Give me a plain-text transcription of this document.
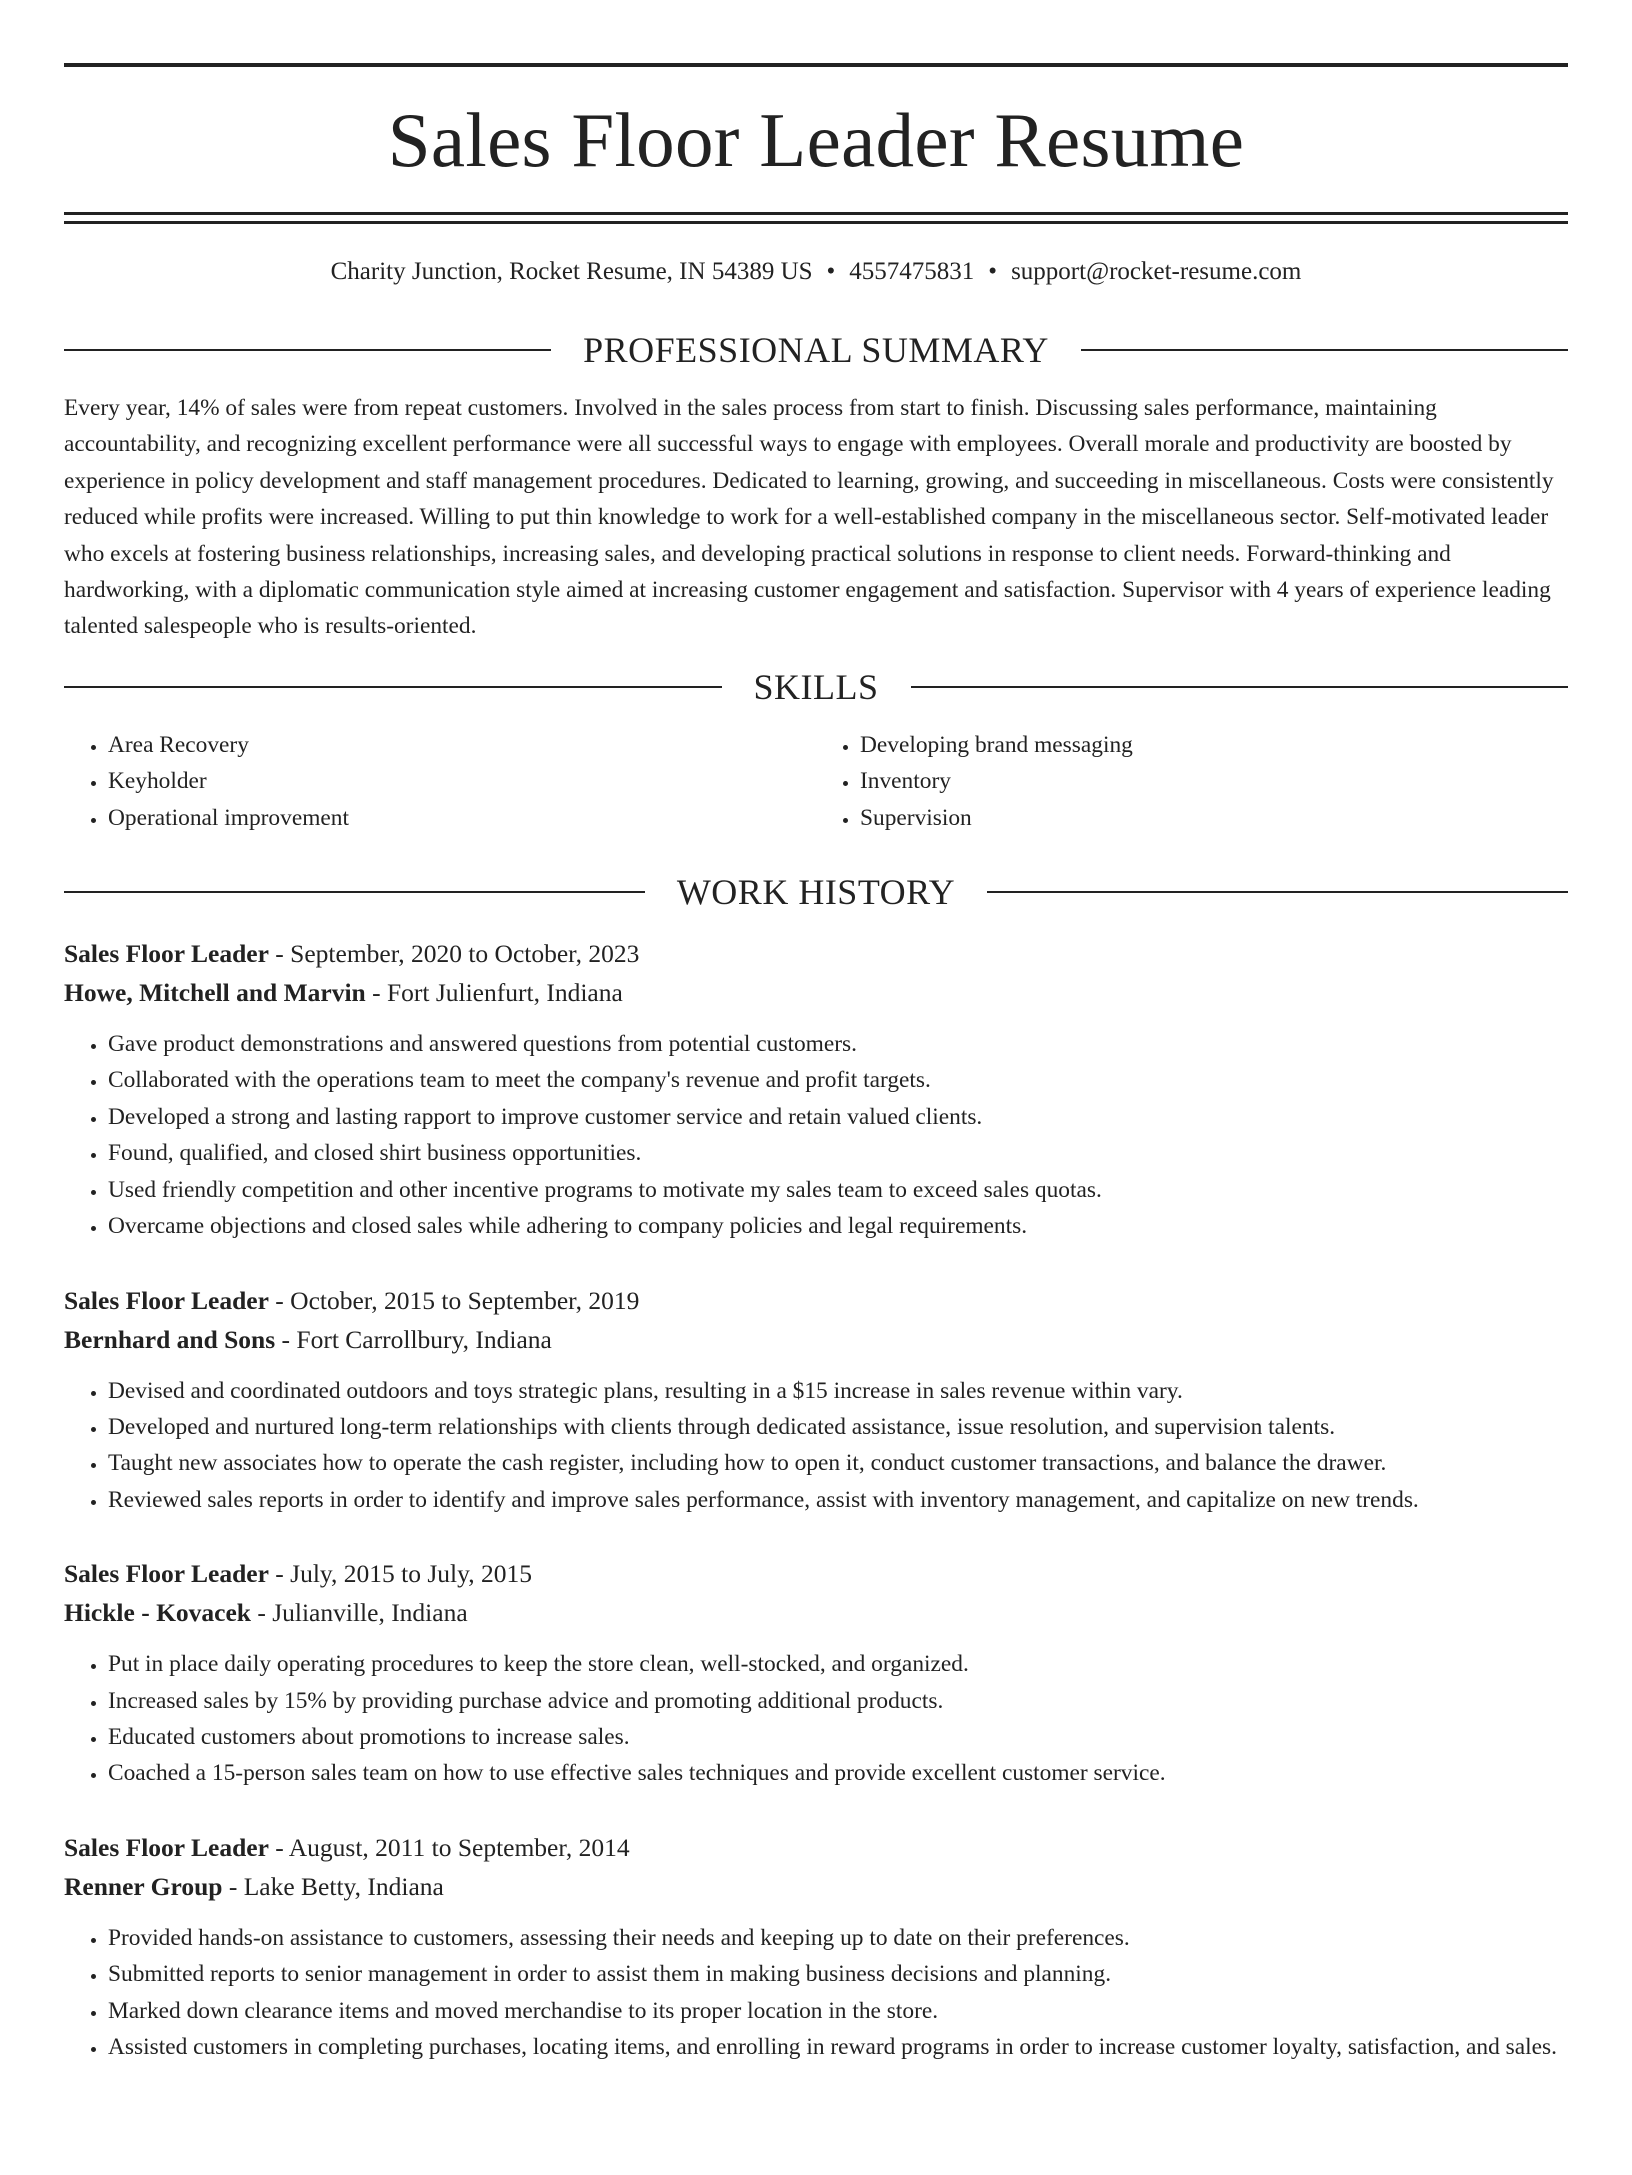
Sales Floor Leader Resume
Charity Junction, Rocket Resume, IN 54389 US • 4557475831 • support@rocket-resume.com
PROFESSIONAL SUMMARY

Every year, 14% of sales were from repeat customers. Involved in the sales process from start to finish. Discussing sales performance, maintaining accountability, and recognizing excellent performance were all successful ways to engage with employees. Overall morale and productivity are boosted by experience in policy development and staff management procedures. Dedicated to learning, growing, and succeeding in miscellaneous. Costs were consistently reduced while profits were increased. Willing to put thin knowledge to work for a well-established company in the miscellaneous sector. Self-motivated leader who excels at fostering business relationships, increasing sales, and developing practical solutions in response to client needs. Forward-thinking and hardworking, with a diplomatic communication style aimed at increasing customer engagement and satisfaction. Supervisor with 4 years of experience leading talented salespeople who is results-oriented.

SKILLS
• Area Recovery
• Keyholder
• Operational improvement
• Developing brand messaging
• Inventory
• Supervision
WORK HISTORY
Sales Floor Leader - September, 2020 to October, 2023
Howe, Mitchell and Marvin - Fort Julienfurt, Indiana
• Gave product demonstrations and answered questions from potential customers.
• Collaborated with the operations team to meet the company's revenue and profit targets.
• Developed a strong and lasting rapport to improve customer service and retain valued clients.
• Found, qualified, and closed shirt business opportunities.
• Used friendly competition and other incentive programs to motivate my sales team to exceed sales quotas.
• Overcame objections and closed sales while adhering to company policies and legal requirements.
Sales Floor Leader - October, 2015 to September, 2019
Bernhard and Sons - Fort Carrollbury, Indiana
• Devised and coordinated outdoors and toys strategic plans, resulting in a $15 increase in sales revenue within vary.
• Developed and nurtured long-term relationships with clients through dedicated assistance, issue resolution, and supervision talents.
• Taught new associates how to operate the cash register, including how to open it, conduct customer transactions, and balance the drawer.
• Reviewed sales reports in order to identify and improve sales performance, assist with inventory management, and capitalize on new trends.
Sales Floor Leader - July, 2015 to July, 2015
Hickle - Kovacek - Julianville, Indiana
• Put in place daily operating procedures to keep the store clean, well-stocked, and organized.
• Increased sales by 15% by providing purchase advice and promoting additional products.
• Educated customers about promotions to increase sales.
• Coached a 15-person sales team on how to use effective sales techniques and provide excellent customer service.
Sales Floor Leader - August, 2011 to September, 2014
Renner Group - Lake Betty, Indiana
• Provided hands-on assistance to customers, assessing their needs and keeping up to date on their preferences.
• Submitted reports to senior management in order to assist them in making business decisions and planning.
• Marked down clearance items and moved merchandise to its proper location in the store.
• Assisted customers in completing purchases, locating items, and enrolling in reward programs in order to increase customer loyalty, satisfaction, and sales.
